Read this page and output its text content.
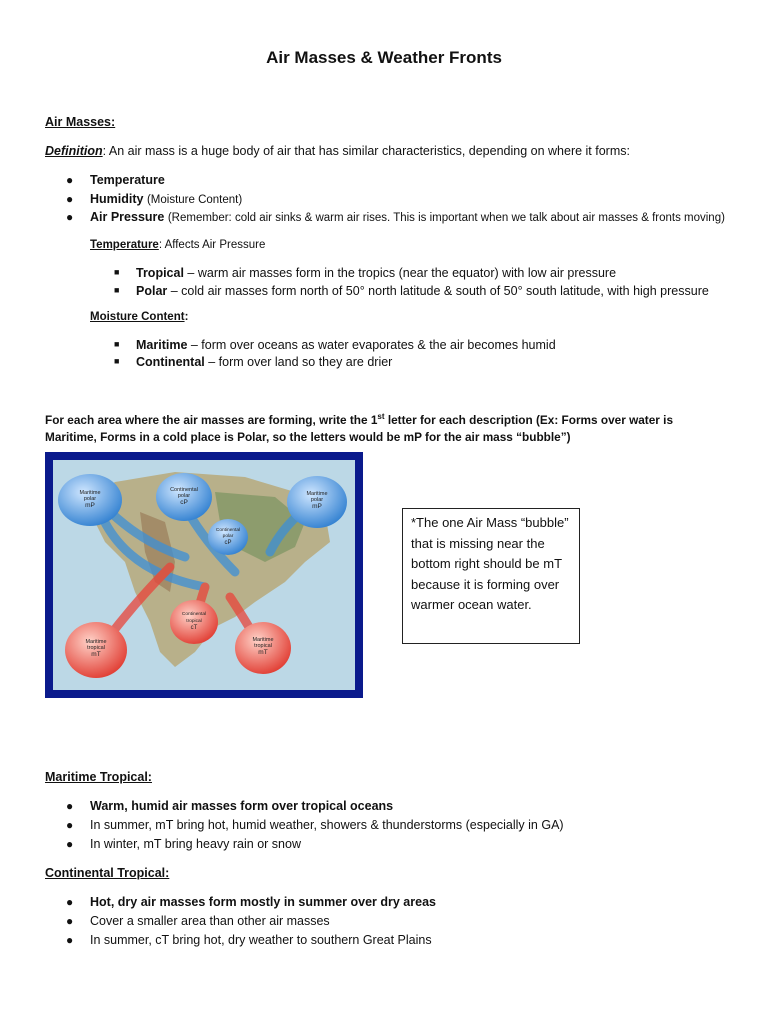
Air Masses & Weather Fronts
Air Masses:
Definition: An air mass is a huge body of air that has similar characteristics, depending on where it forms:
● Temperature
● Humidity (Moisture Content)
● Air Pressure (Remember: cold air sinks & warm air rises. This is important when we talk about air masses & fronts moving)
Temperature: Affects Air Pressure
■ Tropical – warm air masses form in the tropics (near the equator) with low air pressure
■ Polar – cold air masses form north of 50° north latitude & south of 50° south latitude, with high pressure
Moisture Content:
■ Maritime – form over oceans as water evaporates & the air becomes humid
■ Continental – form over land so they are drier
For each area where the air masses are forming, write the 1st letter for each description (Ex: Forms over water is Maritime, Forms in a cold place is Polar, so the letters would be mP for the air mass “bubble”)
Maritime
polar
mP
Continental
polar
cP
Maritime
polar
mP
Continental
polar
cP
Continental
tropical
cT
Maritime
tropical
mT
Maritime
tropical
mT
*The one Air Mass “bubble” that is missing near the bottom right should be mT because it is forming over warmer ocean water.
Maritime Tropical:
● Warm, humid air masses form over tropical oceans
● In summer, mT bring hot, humid weather, showers & thunderstorms (especially in GA)
● In winter, mT bring heavy rain or snow
Continental Tropical:
● Hot, dry air masses form mostly in summer over dry areas
● Cover a smaller area than other air masses
● In summer, cT bring hot, dry weather to southern Great Plains
